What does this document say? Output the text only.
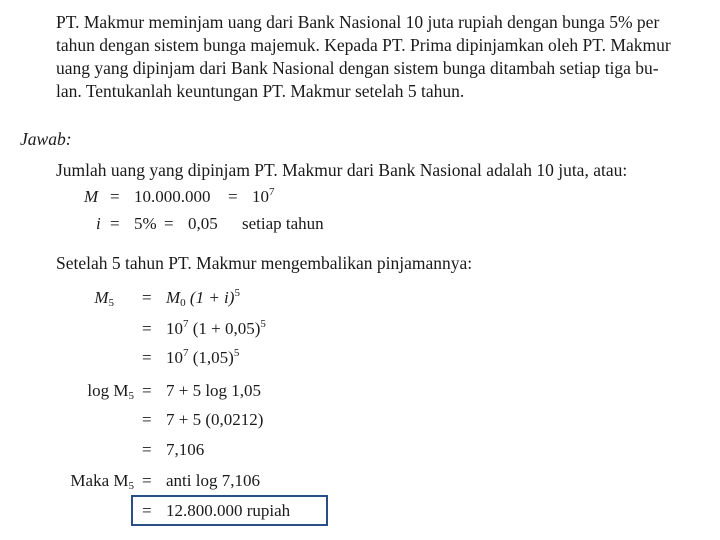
PT. Makmur meminjam uang dari Bank Nasional 10 juta rupiah dengan bunga 5% per
tahun dengan sistem bunga majemuk. Kepada PT. Prima dipinjamkan oleh PT. Makmur
uang yang dipinjam dari Bank Nasional dengan sistem bunga ditambah setiap tiga bu-
lan. Tentukanlah keuntungan PT. Makmur setelah 5 tahun.
Jawab:
Jumlah uang yang dipinjam PT. Makmur dari Bank Nasional adalah 10 juta, atau:
$M = 10.000.000 = 10^7$
i = 5% = 0,05 setiap tahun
Setelah 5 tahun PT. Makmur mengembalikan pinjamannya:
$M_5 = M_0$ $(1 + i)^5$
= $10^7$ $(1 + 0,05)^5$
= $10^7$ $(1,05)^5$
$\log M_5 = 7 + 5$ log 1,05
= 7 + 5 (0,0212)
= 7,106
Maka $M_5$ = anti log 7,106
= 12.800.000 rupiah
